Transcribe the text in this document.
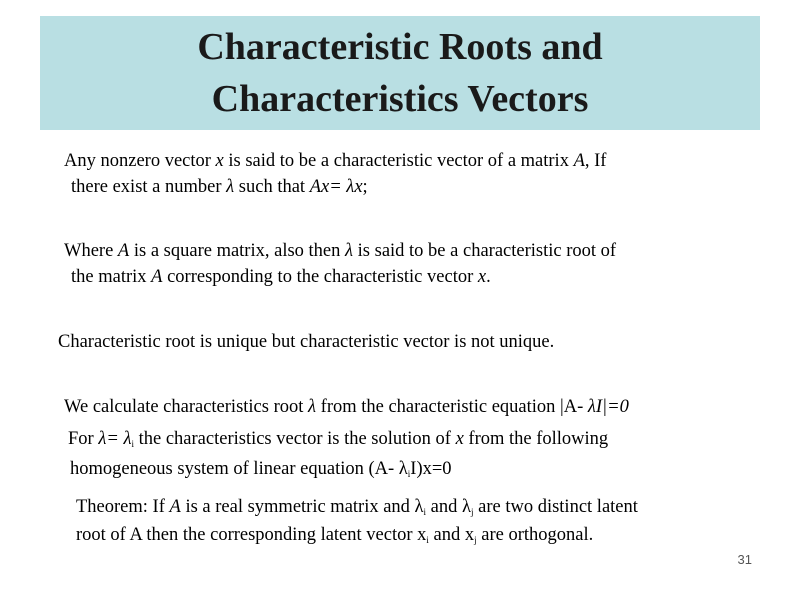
Characteristic Roots and
Characteristics Vectors
Any nonzero vector x is said to be a characteristic vector of a matrix A, If
there exist a number λ such that Ax= λx;
Where A is a square matrix, also then λ is said to be a characteristic root of
the matrix A corresponding to the characteristic vector x.
Characteristic root is unique but characteristic vector is not unique.
We calculate characteristics root λ from the characteristic equation |A- λI|=0
For $\lambda= \lambda_i$ the characteristics vector is the solution of x from the following
homogeneous system of linear equation (A- $\lambda_iI)x=0$
Theorem: If A is a real symmetric matrix and $\lambda_i$ and $\lambda_j$ are two distinct latent
root of A then the corresponding latent vector $x_i$ and $x_j$ are orthogonal.
31
